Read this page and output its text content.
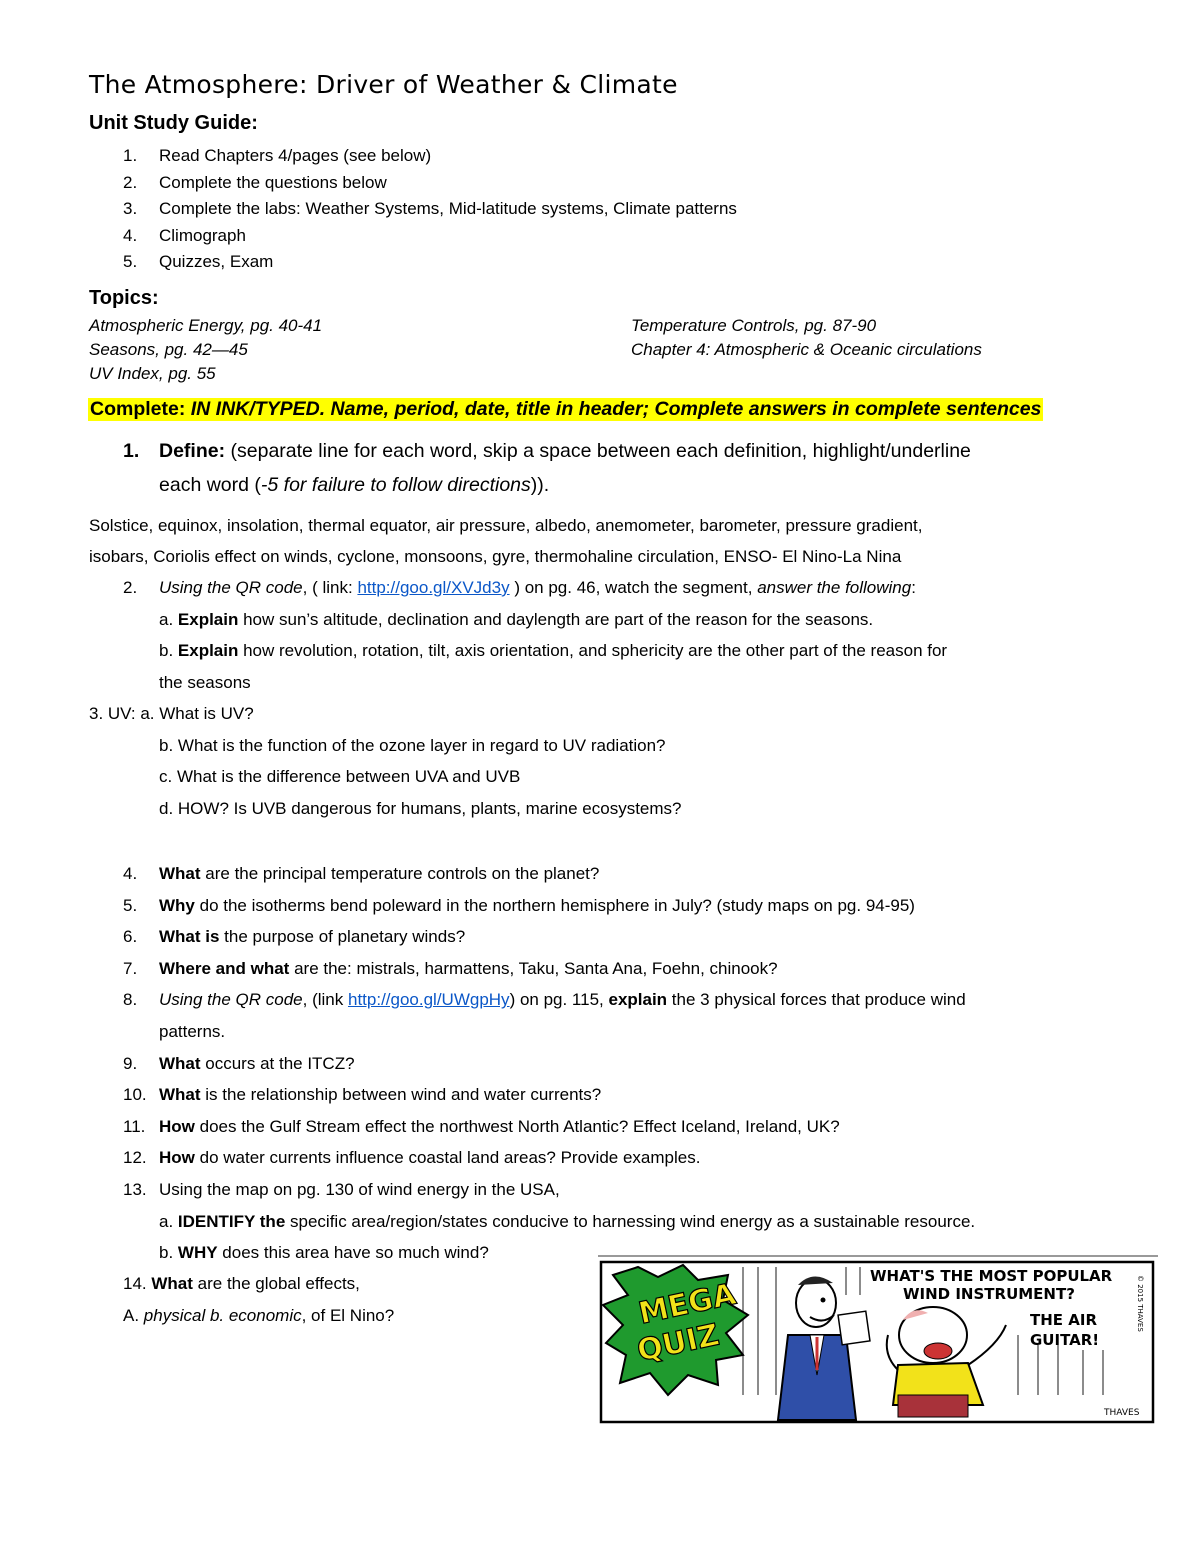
The Atmosphere: Driver of Weather & Climate
Unit Study Guide:
1. Read Chapters 4/pages (see below)
2. Complete the questions below
3. Complete the labs: Weather Systems, Mid-latitude systems, Climate patterns
4. Climograph
5. Quizzes, Exam
Topics:
Atmospheric Energy, pg. 40-41
Seasons, pg. 42—45
UV Index, pg. 55
Temperature Controls, pg. 87-90
Chapter 4: Atmospheric & Oceanic circulations
Complete: IN INK/TYPED. Name, period, date, title in header; Complete answers in complete sentences
1. Define: (separate line for each word, skip a space between each definition, highlight/underline
each word (-5 for failure to follow directions)).
Solstice, equinox, insolation, thermal equator, air pressure, albedo, anemometer, barometer, pressure gradient,
isobars, Coriolis effect on winds, cyclone, monsoons, gyre, thermohaline circulation, ENSO- El Nino-La Nina
2. Using the QR code, ( link: http://goo.gl/XVJd3y ) on pg. 46, watch the segment, answer the following:
a. Explain how sun’s altitude, declination and daylength are part of the reason for the seasons.
b. Explain how revolution, rotation, tilt, axis orientation, and sphericity are the other part of the reason for
the seasons
3. UV: a. What is UV?
b. What is the function of the ozone layer in regard to UV radiation?
c. What is the difference between UVA and UVB
d. HOW? Is UVB dangerous for humans, plants, marine ecosystems?
4. What are the principal temperature controls on the planet?
5. Why do the isotherms bend poleward in the northern hemisphere in July? (study maps on pg. 94-95)
6. What is the purpose of planetary winds?
7. Where and what are the: mistrals, harmattens, Taku, Santa Ana, Foehn, chinook?
8. Using the QR code, (link http://goo.gl/UWgpHy) on pg. 115, explain the 3 physical forces that produce wind
patterns.
9. What occurs at the ITCZ?
10. What is the relationship between wind and water currents?
11. How does the Gulf Stream effect the northwest North Atlantic? Effect Iceland, Ireland, UK?
12. How do water currents influence coastal land areas? Provide examples.
13. Using the map on pg. 130 of wind energy in the USA,
a. IDENTIFY the specific area/region/states conducive to harnessing wind energy as a sustainable resource.
b. WHY does this area have so much wind?
14. What are the global effects,
A. physical b. economic, of El Nino?	MEGA
QUIZ
WHAT'S THE MOST POPULAR
WIND INSTRUMENT?
THE AIR
GUITAR!
THAVES
© 2015 THAVES
